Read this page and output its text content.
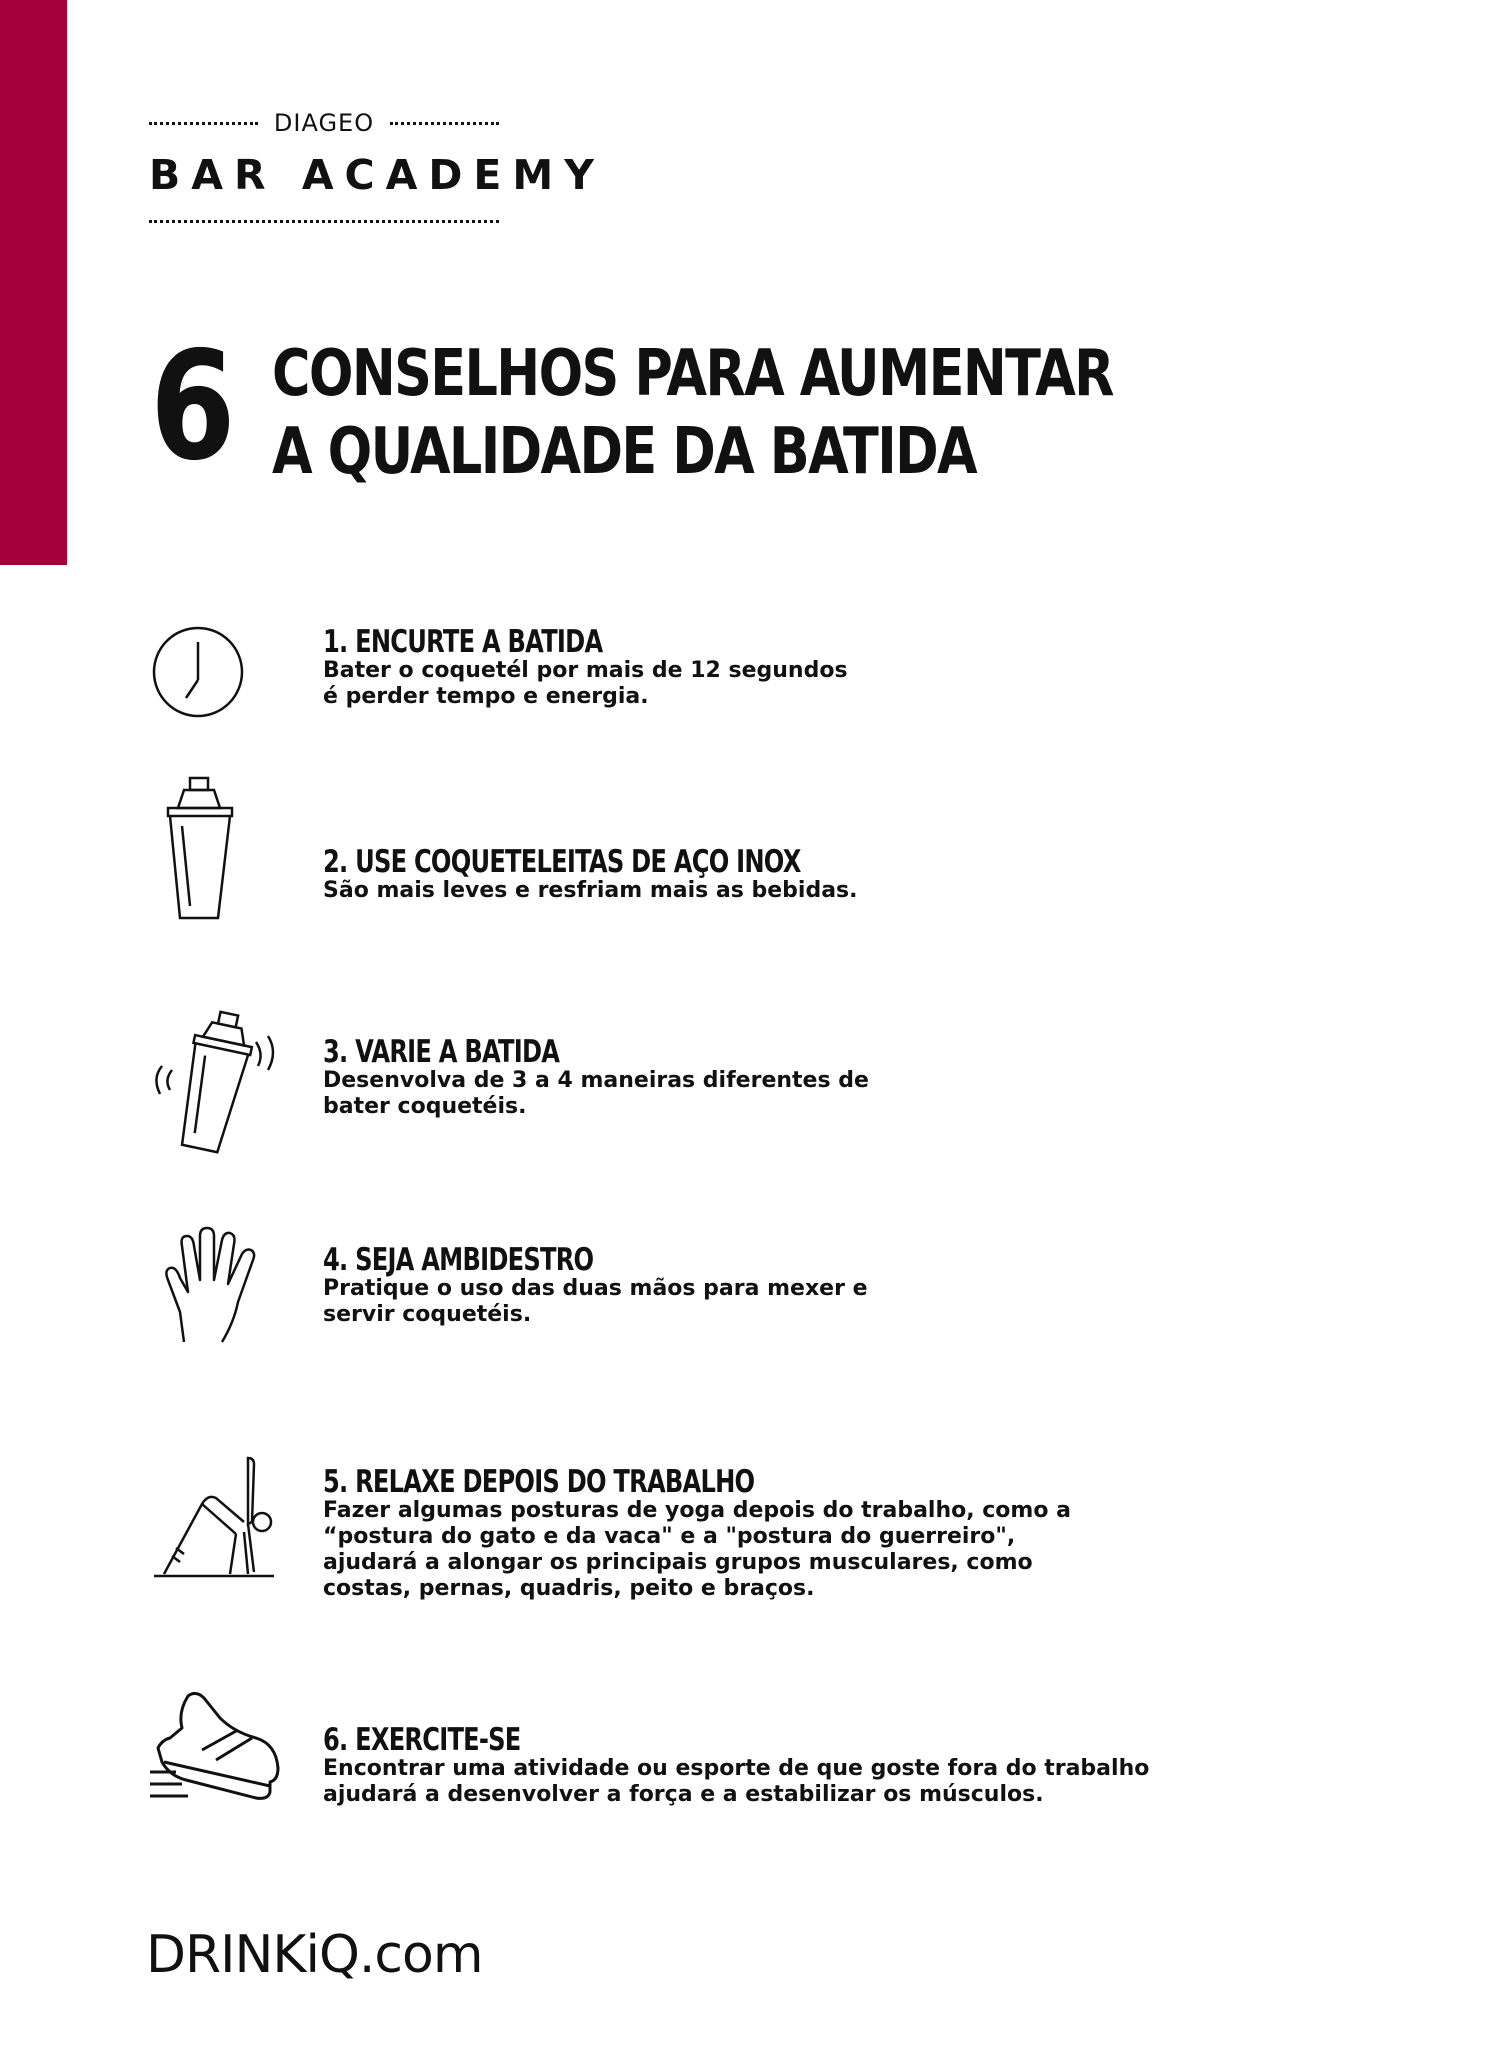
DIAGEO
BAR ACADEMY
6 CONSELHOS PARA AUMENTAR
A QUALIDADE DA BATIDA
1. ENCURTE A BATIDA
Bater o coquetél por mais de 12 segundos
é perder tempo e energia.
2. USE COQUETELEITAS DE AÇO INOX
São mais leves e resfriam mais as bebidas.
3. VARIE A BATIDA
Desenvolva de 3 a 4 maneiras diferentes de
bater coquetéis.
4. SEJA AMBIDESTRO
Pratique o uso das duas mãos para mexer e
servir coquetéis.
5. RELAXE DEPOIS DO TRABALHO
Fazer algumas posturas de yoga depois do trabalho, como a
“postura do gato e da vaca" e a "postura do guerreiro",
ajudará a alongar os principais grupos musculares, como
costas, pernas, quadris, peito e braços.
6. EXERCITE-SE
Encontrar uma atividade ou esporte de que goste fora do trabalho
ajudará a desenvolver a força e a estabilizar os músculos.
DRINKiQ.com
